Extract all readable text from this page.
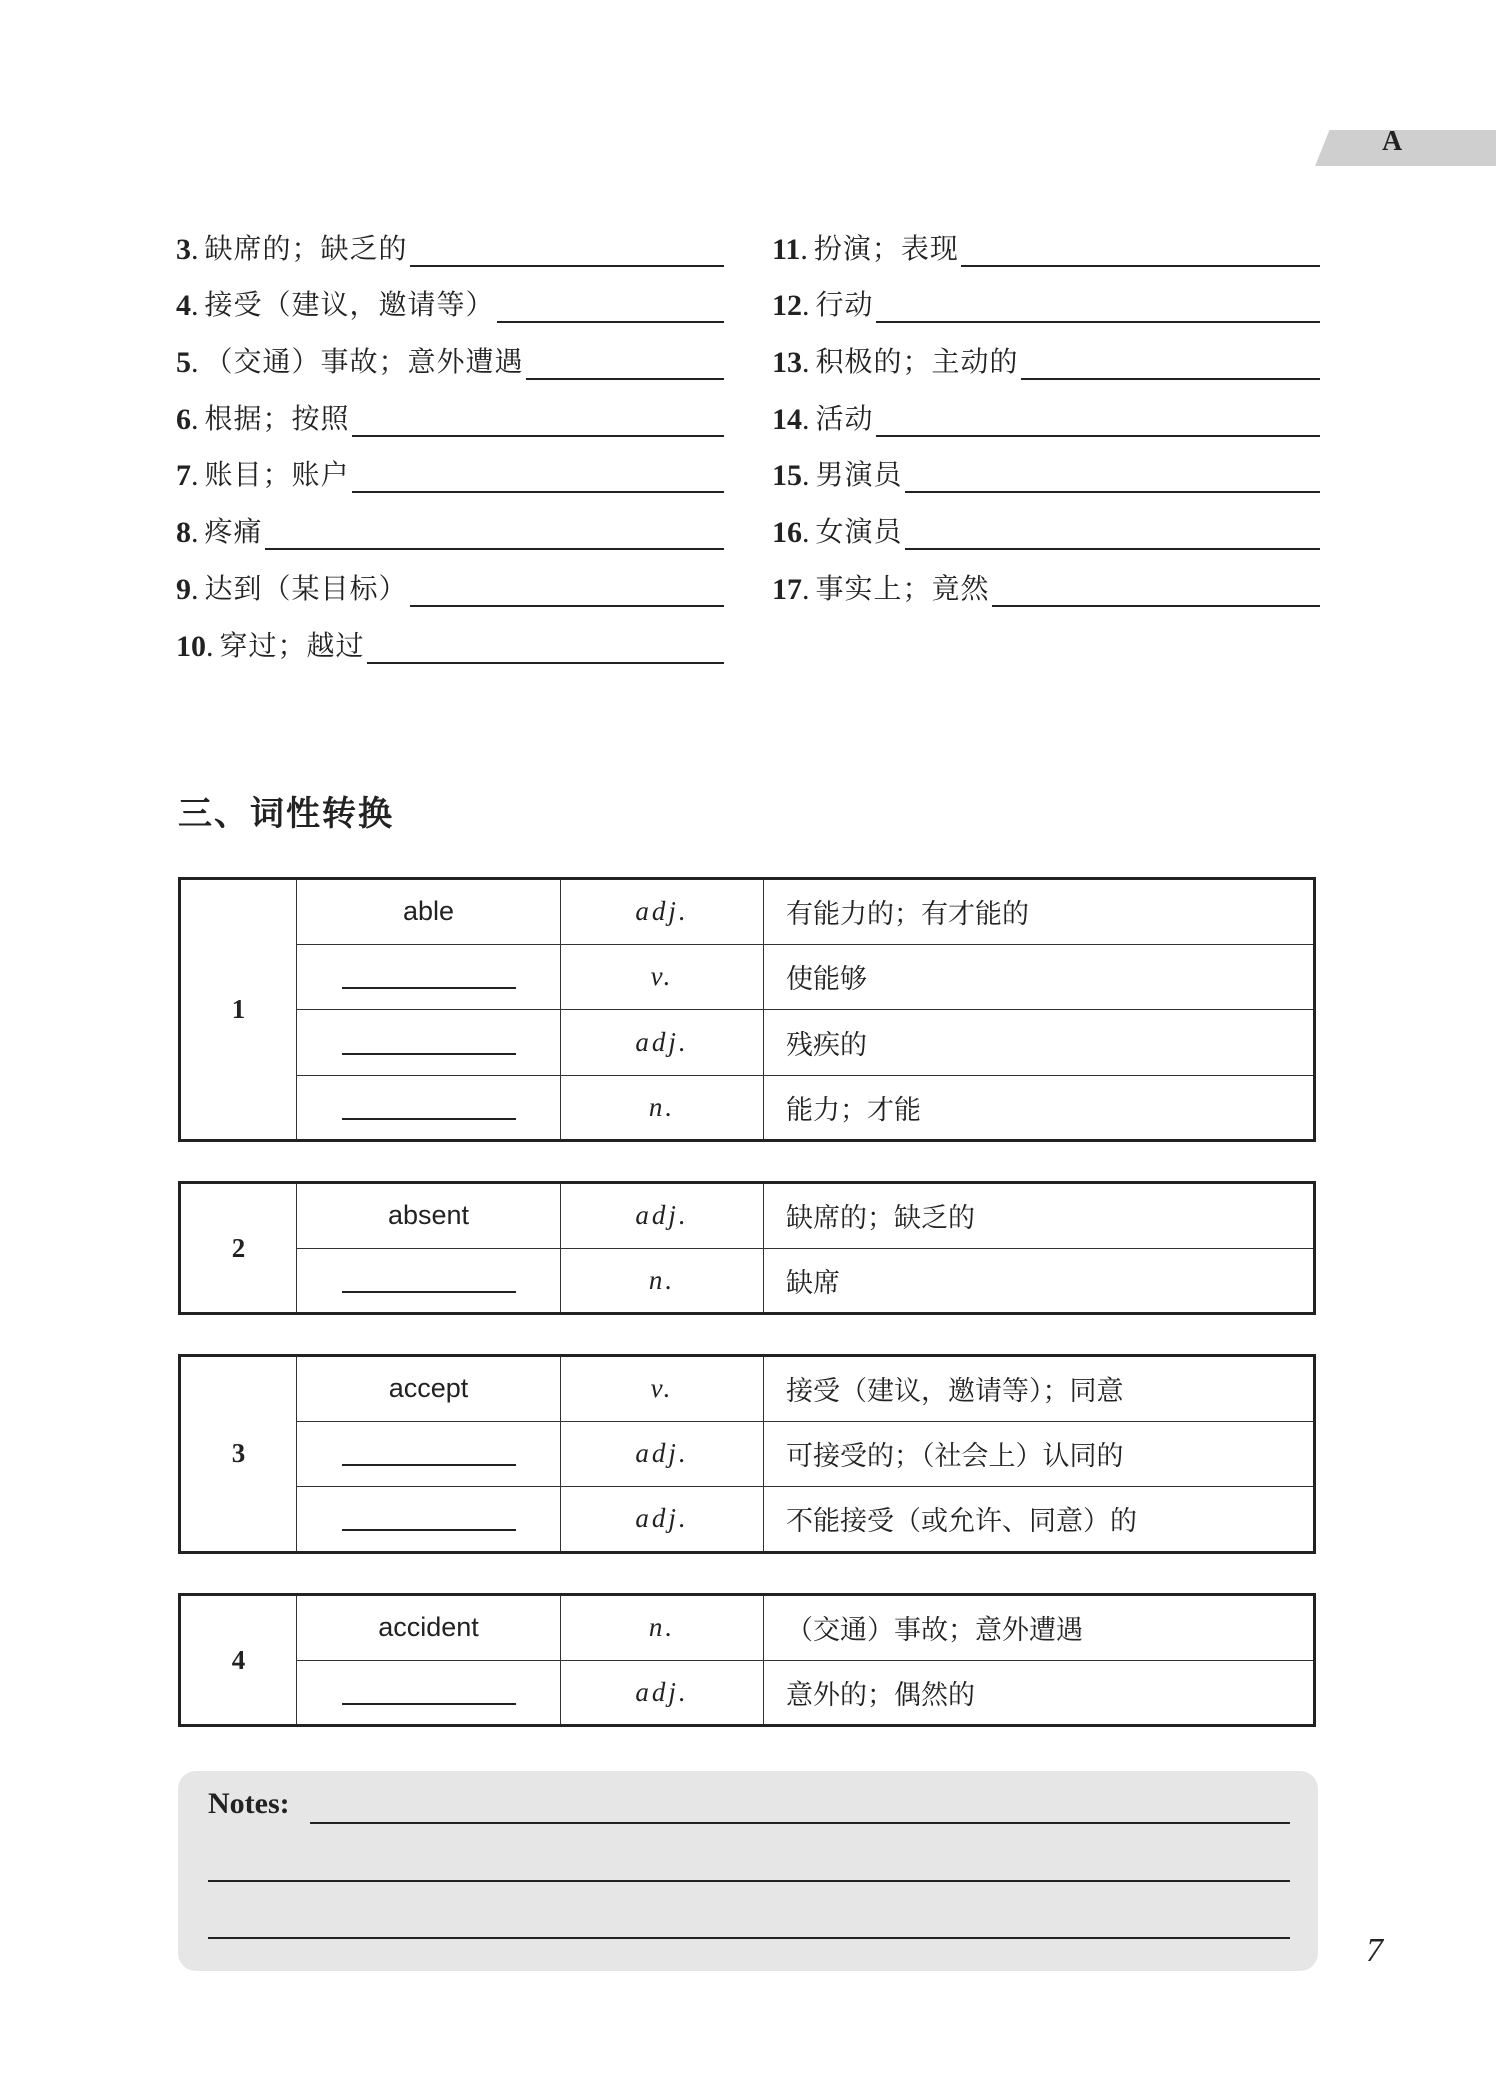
A
3 . 缺席的；缺乏的
4 . 接受（建议，邀请等）
5 . （交通）事故；意外遭遇
6 . 根据；按照
7 . 账目；账户
8 . 疼痛
9 . 达到（某目标）
10 . 穿过；越过
11 . 扮演；表现
12 . 行动
13 . 积极的；主动的
14 . 活动
15 . 男演员
16 . 女演员
17 . 事实上；竟然
三、词性转换
1	able	adj.	有能力的；有才能的
		v.	使能够
		adj.	残疾的
		n.	能力；才能
2	absent	adj.	缺席的；缺乏的
		n.	缺席
3	accept	v.	接受（建议，邀请等）；同意
		adj.	可接受的；（社会上）认同的
		adj.	不能接受（或允许、同意）的
4	accident	n.	（交通）事故；意外遭遇
		adj.	意外的；偶然的
Notes:
7
